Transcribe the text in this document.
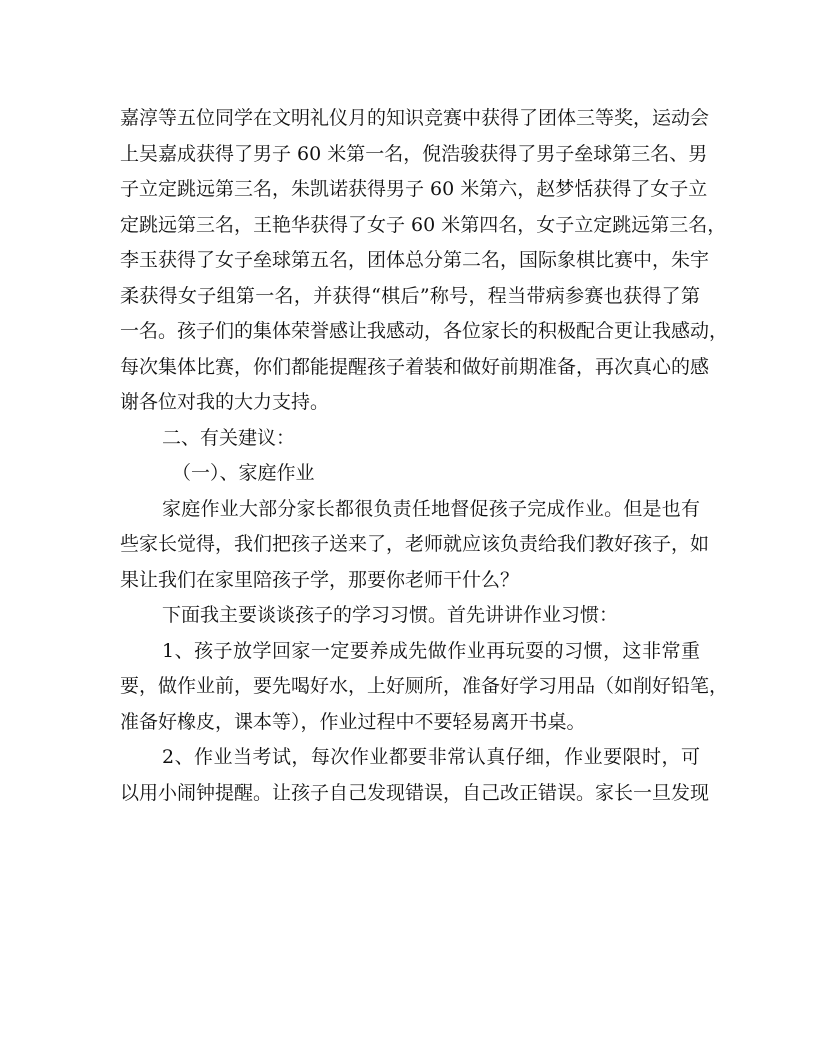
嘉淳等五位同学在文明礼仪月的知识竞赛中获得了团体三等奖，运动会
上吴嘉成获得了男子 60 米第一名，倪浩骏获得了男子垒球第三名、男
子立定跳远第三名，朱凯诺获得男子 60 米第六，赵梦恬获得了女子立
定跳远第三名，王艳华获得了女子 60 米第四名，女子立定跳远第三名，
李玉获得了女子垒球第五名，团体总分第二名，国际象棋比赛中，朱宇
柔获得女子组第一名，并获得“棋后”称号，程当带病参赛也获得了第
一名。孩子们的集体荣誉感让我感动，各位家长的积极配合更让我感动，
每次集体比赛，你们都能提醒孩子着装和做好前期准备，再次真心的感
谢各位对我的大力支持。
二、有关建议：
（一）、家庭作业
家庭作业大部分家长都很负责任地督促孩子完成作业。但是也有
些家长觉得，我们把孩子送来了，老师就应该负责给我们教好孩子，如
果让我们在家里陪孩子学，那要你老师干什么？
下面我主要谈谈孩子的学习习惯。首先讲讲作业习惯：
1、孩子放学回家一定要养成先做作业再玩耍的习惯，这非常重
要，做作业前，要先喝好水，上好厕所，准备好学习用品（如削好铅笔，
准备好橡皮，课本等），作业过程中不要轻易离开书桌。
2、作业当考试，每次作业都要非常认真仔细，作业要限时，可
以用小闹钟提醒。让孩子自己发现错误，自己改正错误。家长一旦发现
